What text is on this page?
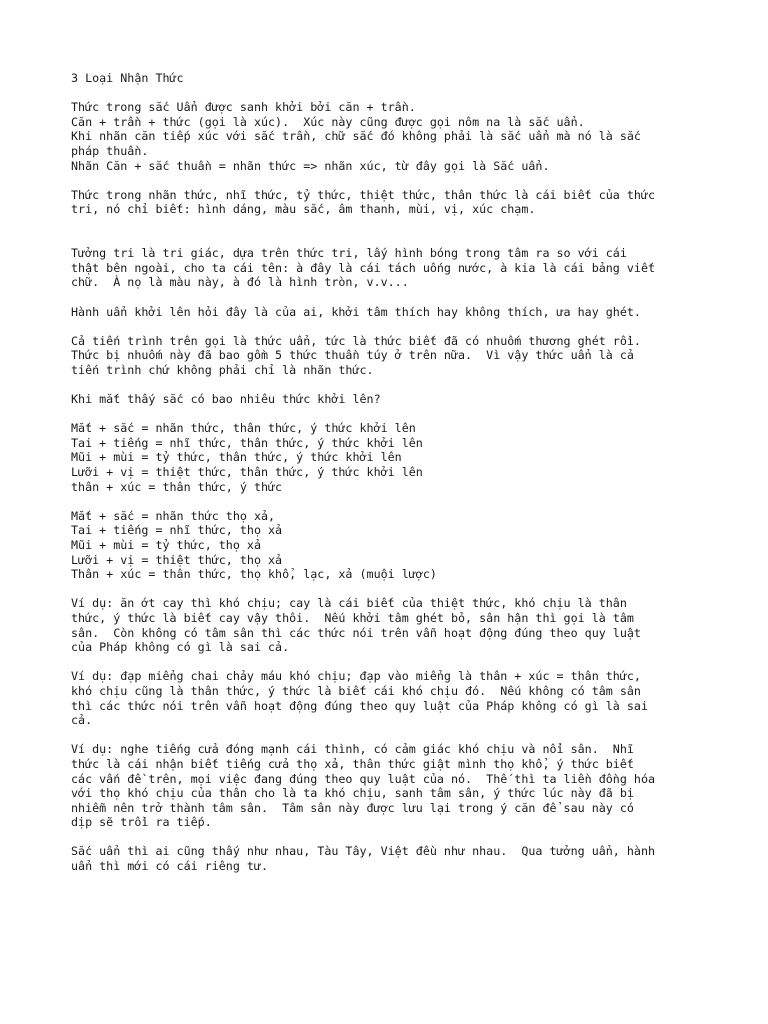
3 Loại Nhận Thức
Thức trong sắc Uẩn được sanh khởi bởi căn + trần.
Căn + trần + thức (gọi là xúc).  Xúc này cũng được gọi nôm na là sắc uẩn.
Khi nhãn căn tiếp xúc với sắc trần, chữ sắc đó không phải là sắc uẩn mà nó là sắc
pháp thuần.
Nhãn Căn + sắc thuần = nhãn thức => nhãn xúc, từ đây gọi là Sắc uẩn.
Thức trong nhãn thức, nhĩ thức, tỷ thức, thiệt thức, thân thức là cái biết của thức
tri, nó chỉ biết: hình dáng, màu sắc, âm thanh, mùi, vị, xúc chạm.
Tưởng tri là tri giác, dựa trên thức tri, lấy hình bóng trong tâm ra so với cái
thật bên ngoài, cho ta cái tên: à đây là cái tách uống nước, à kia là cái bảng viết
chữ.  À nọ là màu này, à đó là hình tròn, v.v...
Hành uẩn khởi lên hỏi đây là của ai, khởi tâm thích hay không thích, ưa hay ghét.
Cả tiến trình trên gọi là thức uẩn, tức là thức biết đã có nhuốm thương ghét rồi.
Thức bị nhuốm này đã bao gồm 5 thức thuần túy ở trên nữa.  Vì vậy thức uẩn là cả
tiến trình chứ không phải chỉ là nhãn thức.
Khi mắt thấy sắc có bao nhiêu thức khởi lên?
Mắt + sắc = nhãn thức, thân thức, ý thức khởi lên
Tai + tiếng = nhĩ thức, thân thức, ý thức khởi lên
Mũi + mùi = tỷ thức, thân thức, ý thức khởi lên
Lưỡi + vị = thiệt thức, thân thức, ý thức khởi lên
thân + xúc = thân thức, ý thức
Mắt + sắc = nhãn thức thọ xả,
Tai + tiếng = nhĩ thức, thọ xả
Mũi + mùi = tỷ thức, thọ xả
Lưỡi + vị = thiệt thức, thọ xả
Thân + xúc = thân thức, thọ khổ, lạc, xả (muội lược)
Ví dụ: ăn ớt cay thì khó chịu; cay là cái biết của thiệt thức, khó chịu là thân
thức, ý thức là biết cay vậy thôi.  Nếu khởi tâm ghét bỏ, sân hận thì gọi là tâm
sân.  Còn không có tâm sân thì các thức nói trên vẫn hoạt động đúng theo quy luật
của Pháp không có gì là sai cả.
Ví dụ: đạp miểng chai chảy máu khó chịu; đạp vào miểng là thân + xúc = thân thức,
khó chịu cũng là thân thức, ý thức là biết cái khó chịu đó.  Nếu không có tâm sân
thì các thức nói trên vẫn hoạt động đúng theo quy luật của Pháp không có gì là sai
cả.
Ví dụ: nghe tiếng cửa đóng mạnh cái thình, có cảm giác khó chịu và nổi sân.  Nhĩ
thức là cái nhận biết tiếng cửa thọ xả, thân thức giật mình thọ khổ, ý thức biết
các vấn đề trên, mọi việc đang đúng theo quy luật của nó.  Thế thì ta liền đồng hóa
với thọ khó chịu của thân cho là ta khó chịu, sanh tâm sân, ý thức lúc này đã bị
nhiễm nên trở thành tâm sân.  Tâm sân này được lưu lại trong ý căn để sau này có
dịp sẽ trồi ra tiếp.
Sắc uẩn thì ai cũng thấy như nhau, Tàu Tây, Việt đều như nhau.  Qua tưởng uẩn, hành
uẩn thì mới có cái riêng tư.
